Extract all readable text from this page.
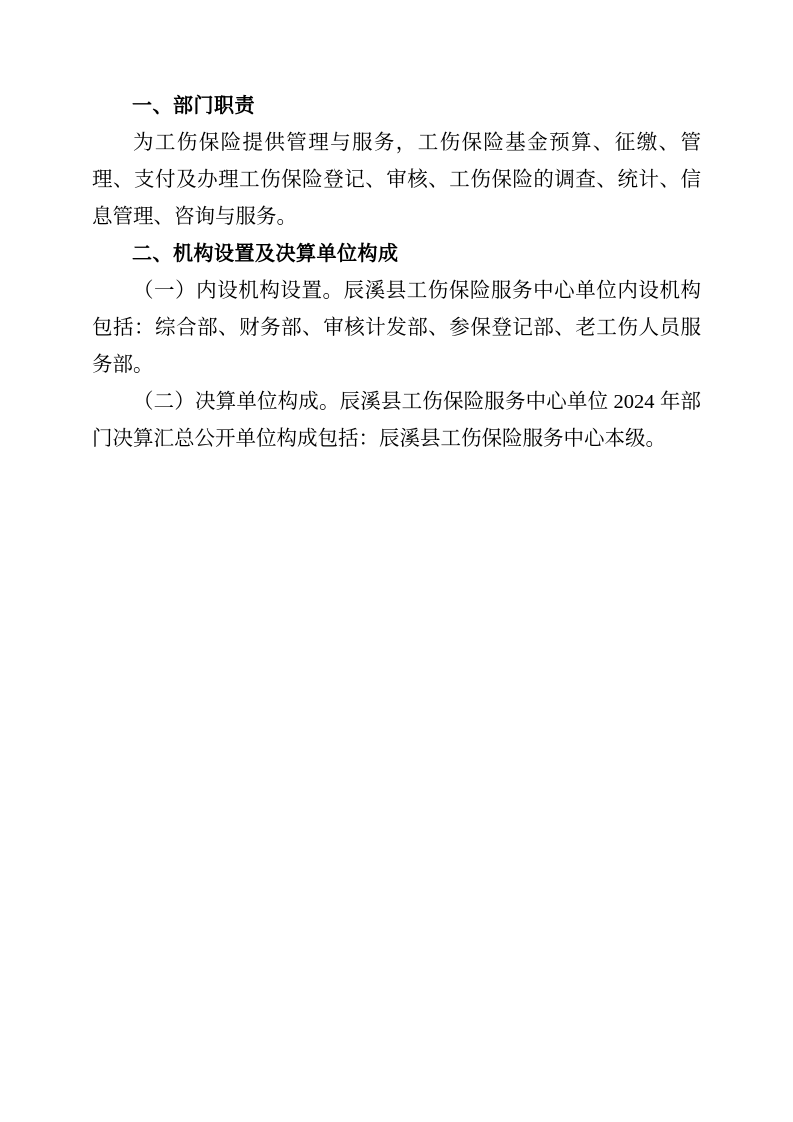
一、部门职责

为工伤保险提供管理与服务，工伤保险基金预算、征缴、管理、支付及办理工伤保险登记、审核、工伤保险的调查、统计、信息管理、咨询与服务。

二、机构设置及决算单位构成

（一）内设机构设置。辰溪县工伤保险服务中心单位内设机构包括：综合部、财务部、审核计发部、参保登记部、老工伤人员服务部。

（二）决算单位构成。辰溪县工伤保险服务中心单位 2024 年部门决算汇总公开单位构成包括：辰溪县工伤保险服务中心本级。
